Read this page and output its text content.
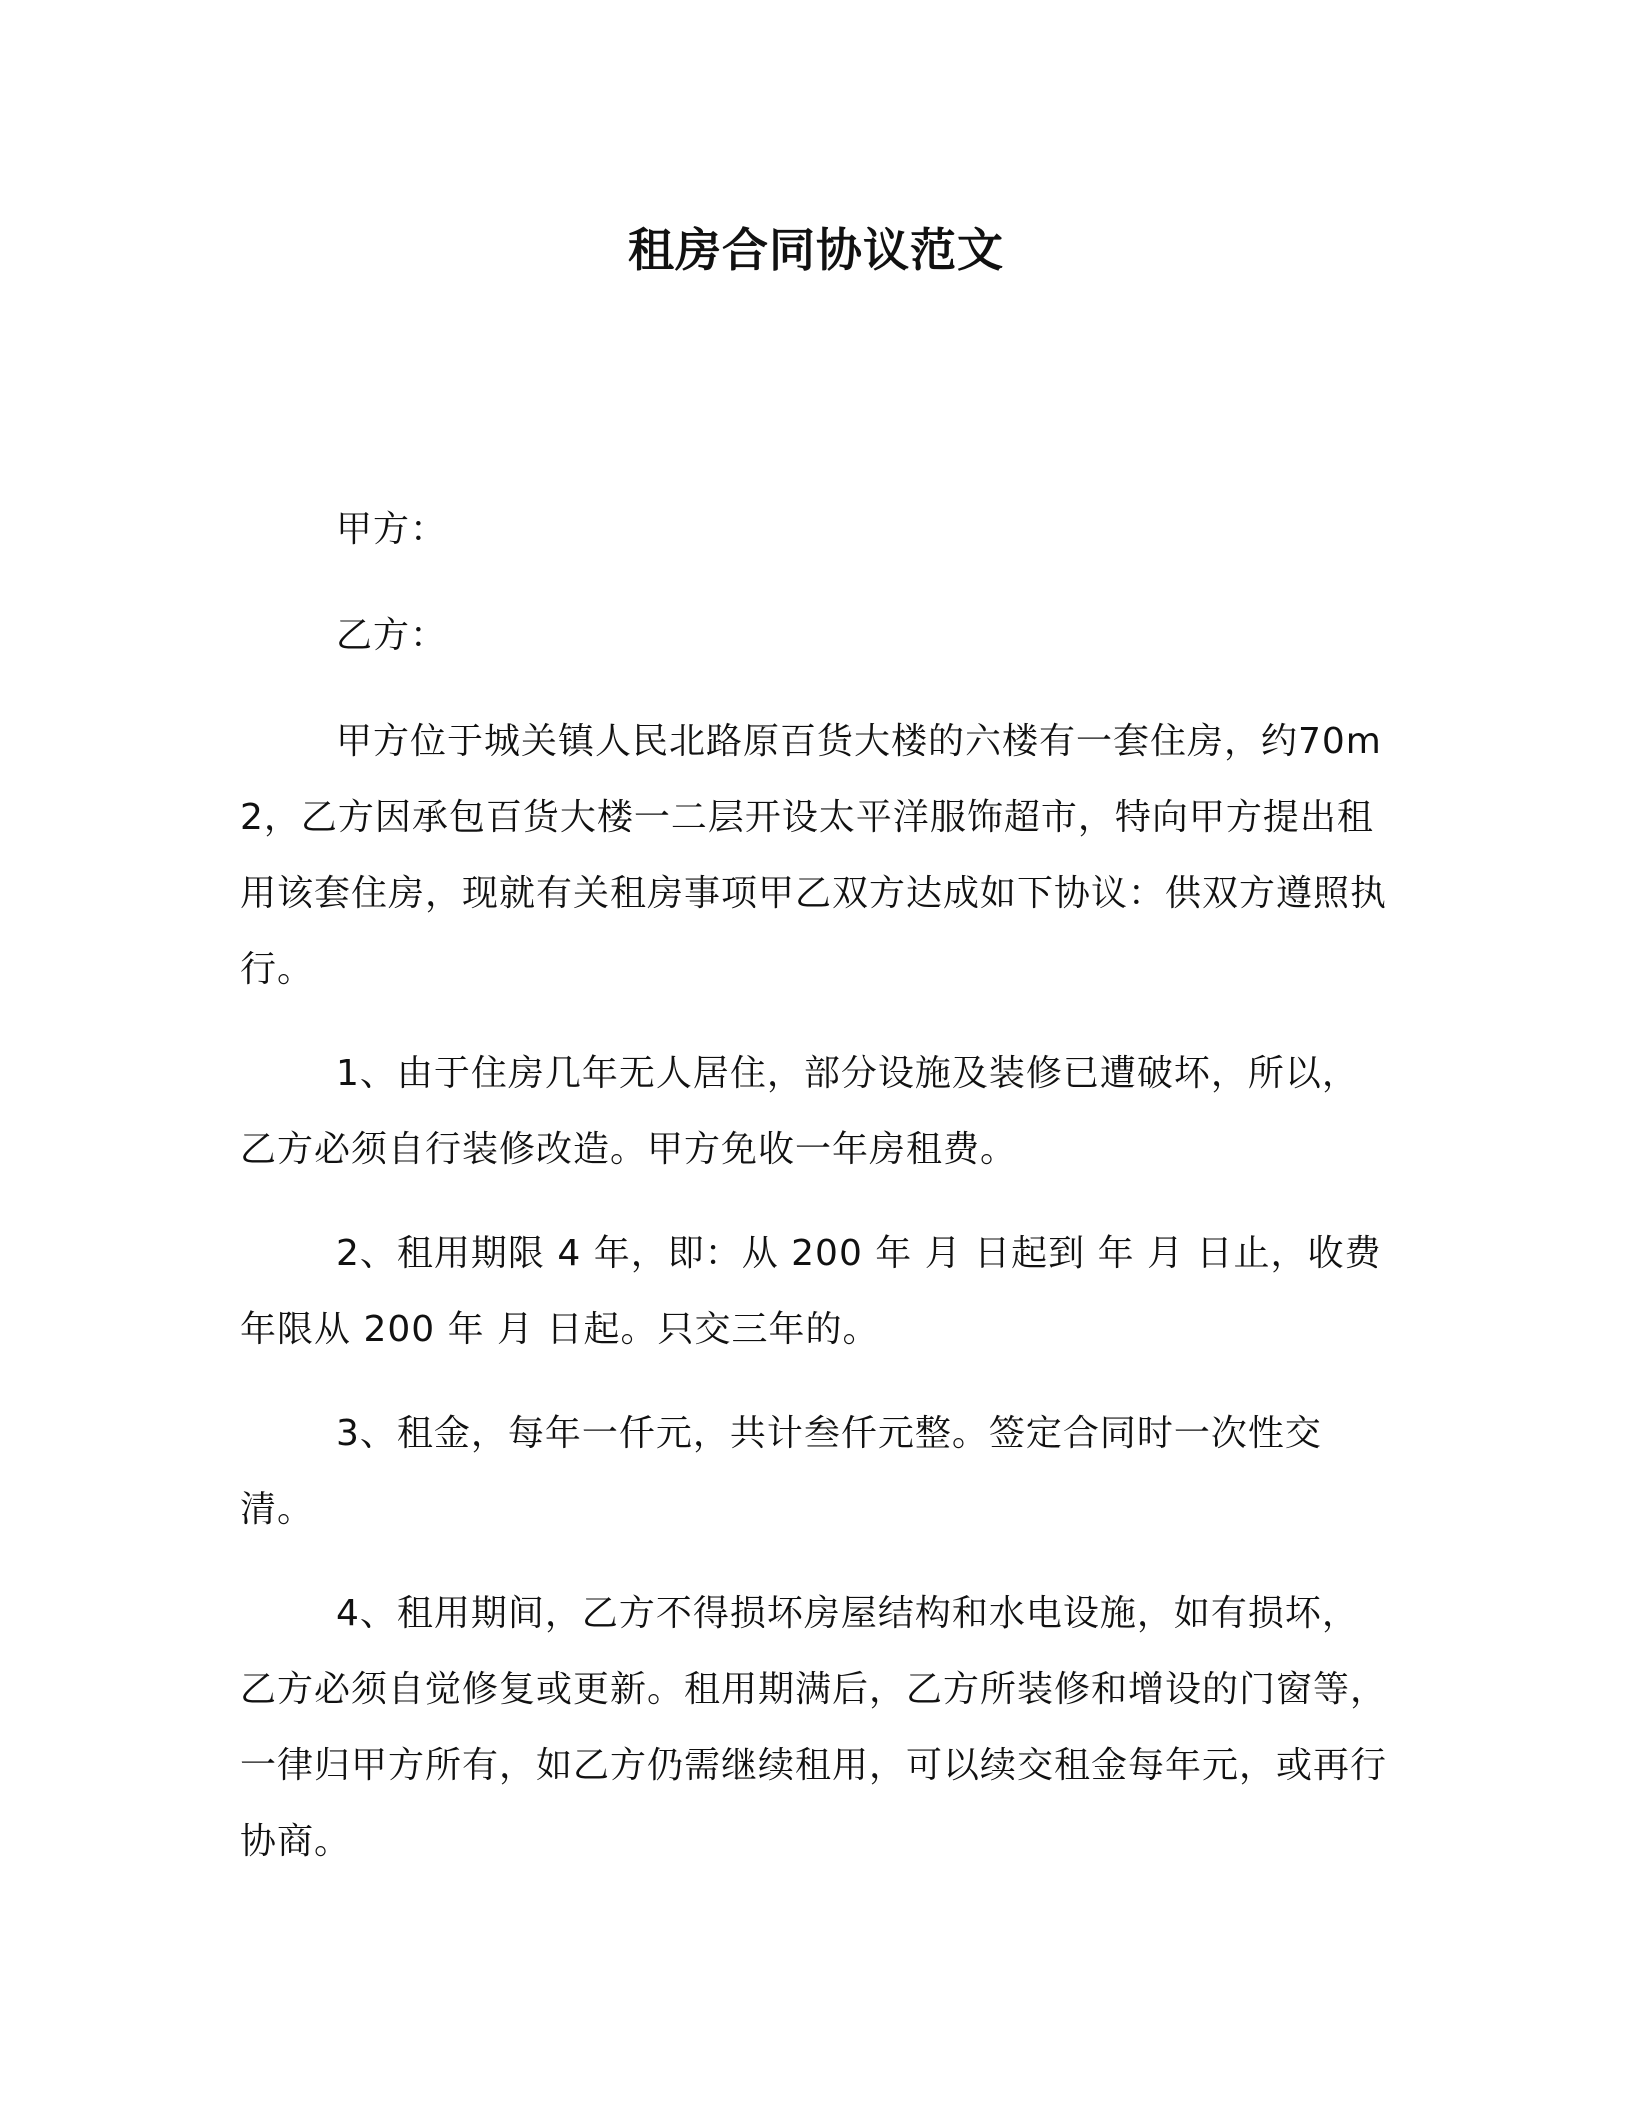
租房合同协议范文

甲方：

乙方：

甲方位于城关镇人民北路原百货大楼的六楼有一套住房，约70m2，乙方因承包百货大楼一二层开设太平洋服饰超市，特向甲方提出租用该套住房，现就有关租房事项甲乙双方达成如下协议：供双方遵照执行。

1、由于住房几年无人居住，部分设施及装修已遭破坏，所以，乙方必须自行装修改造。甲方免收一年房租费。

2、租用期限 4 年，即：从 200 年 月 日起到 年 月 日止，收费年限从 200 年 月 日起。只交三年的。

3、租金，每年一仟元，共计叁仟元整。签定合同时一次性交清。

4、租用期间，乙方不得损坏房屋结构和水电设施，如有损坏，乙方必须自觉修复或更新。租用期满后，乙方所装修和增设的门窗等，一律归甲方所有，如乙方仍需继续租用，可以续交租金每年元，或再行协商。
